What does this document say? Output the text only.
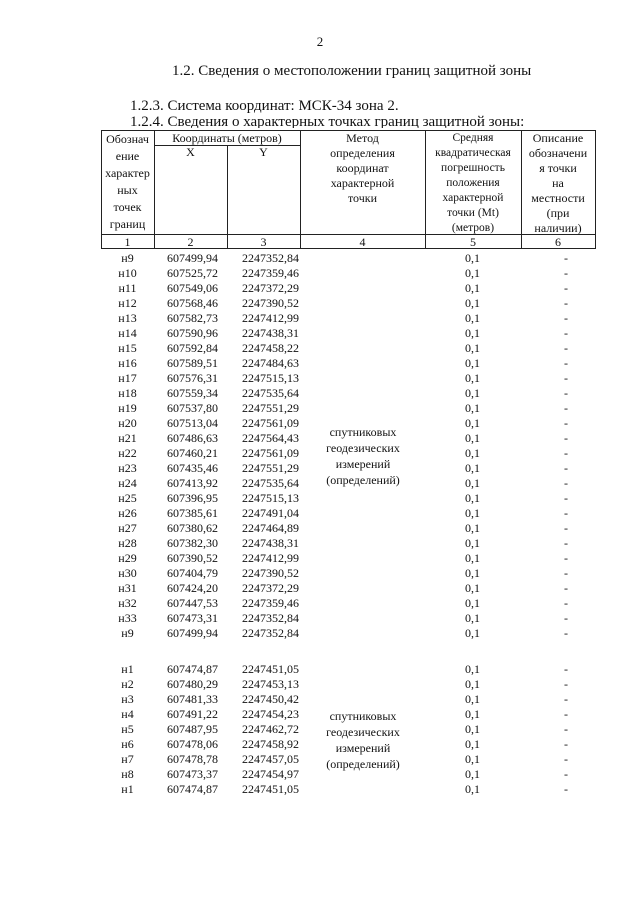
2
1.2. Сведения о местоположении границ защитной зоны
1.2.3. Система координат: МСК-34 зона 2.
1.2.4. Сведения о характерных точках границ защитной зоны:
Обознач
ение
характер
ных
точек
границ
Координаты (метров)
X	Y
Метод
определения
координат
характерной
точки
Средняя
квадратическая
погрешность
положения
характерной
точки (Mt)
(метров)
Описание
обозначени
я точки
на
местности
(при
наличии)
1	2	3	4	5	6
н9	607499,94	2247352,84	0,1	-
н10	607525,72	2247359,46	0,1	-
н11	607549,06	2247372,29	0,1	-
н12	607568,46	2247390,52	0,1	-
н13	607582,73	2247412,99	0,1	-
н14	607590,96	2247438,31	0,1	-
н15	607592,84	2247458,22	0,1	-
н16	607589,51	2247484,63	0,1	-
н17	607576,31	2247515,13	0,1	-
н18	607559,34	2247535,64	0,1	-
н19	607537,80	2247551,29	0,1	-
н20	607513,04	2247561,09	0,1	-
н21	607486,63	2247564,43	0,1	-
н22	607460,21	2247561,09	0,1	-
н23	607435,46	2247551,29	0,1	-
н24	607413,92	2247535,64	0,1	-
н25	607396,95	2247515,13	0,1	-
н26	607385,61	2247491,04	0,1	-
н27	607380,62	2247464,89	0,1	-
н28	607382,30	2247438,31	0,1	-
н29	607390,52	2247412,99	0,1	-
н30	607404,79	2247390,52	0,1	-
н31	607424,20	2247372,29	0,1	-
н32	607447,53	2247359,46	0,1	-
н33	607473,31	2247352,84	0,1	-
н9	607499,94	2247352,84	0,1	-
спутниковых
геодезических
измерений
(определений)
н1	607474,87	2247451,05	0,1	-
н2	607480,29	2247453,13	0,1	-
н3	607481,33	2247450,42	0,1	-
н4	607491,22	2247454,23	0,1	-
н5	607487,95	2247462,72	0,1	-
н6	607478,06	2247458,92	0,1	-
н7	607478,78	2247457,05	0,1	-
н8	607473,37	2247454,97	0,1	-
н1	607474,87	2247451,05	0,1	-
спутниковых
геодезических
измерений
(определений)
